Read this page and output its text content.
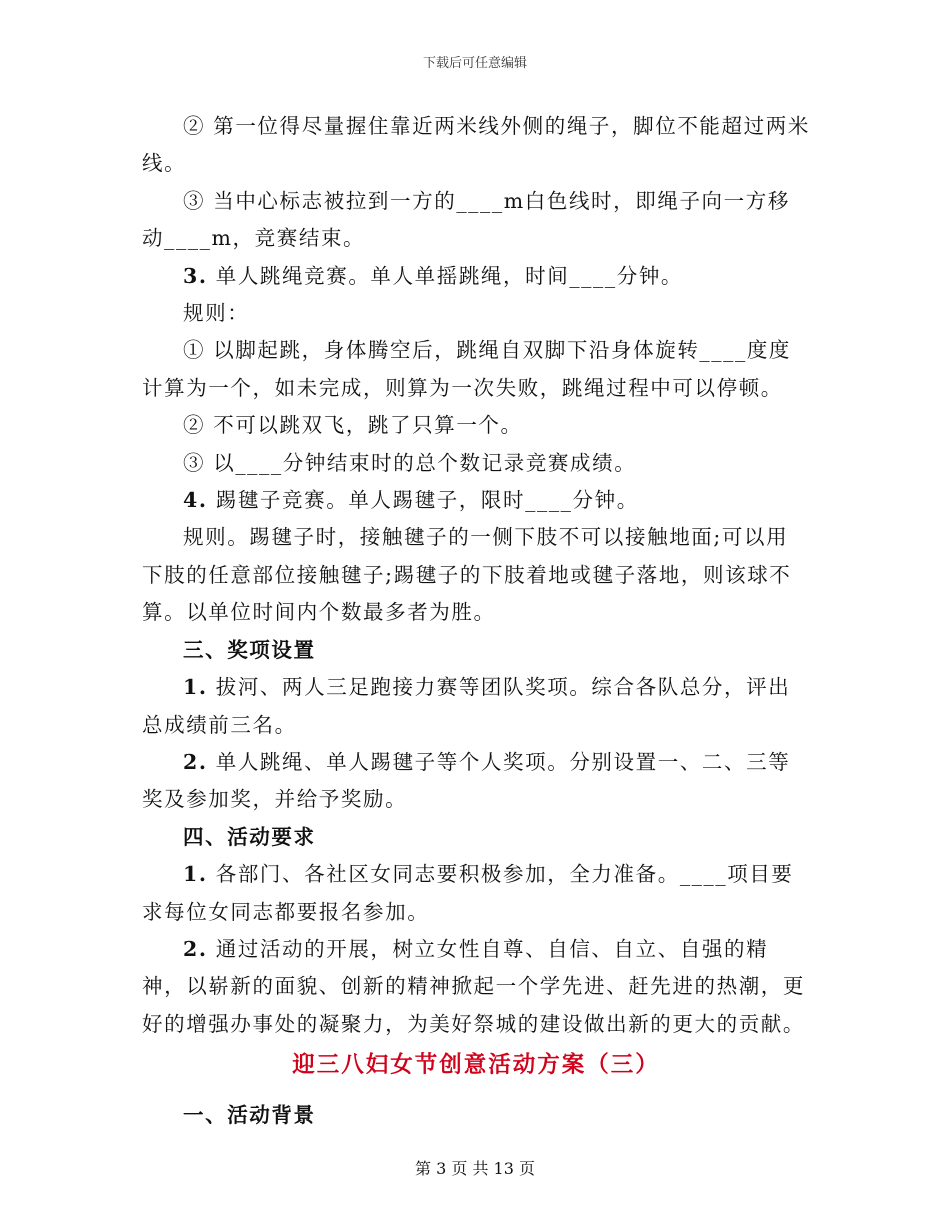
下载后可任意编辑

② 第一位得尽量握住靠近两米线外侧的绳子，脚位不能超过两米线。

③ 当中心标志被拉到一方的____m白色线时，即绳子向一方移动____m，竞赛结束。

3. 单人跳绳竞赛。单人单摇跳绳，时间____分钟。

规则：

① 以脚起跳，身体腾空后，跳绳自双脚下沿身体旋转____度度计算为一个，如未完成，则算为一次失败，跳绳过程中可以停顿。

② 不可以跳双飞，跳了只算一个。

③ 以____分钟结束时的总个数记录竞赛成绩。

4. 踢毽子竞赛。单人踢毽子，限时____分钟。

规则。踢毽子时，接触毽子的一侧下肢不可以接触地面;可以用下肢的任意部位接触毽子;踢毽子的下肢着地或毽子落地，则该球不算。以单位时间内个数最多者为胜。

三、奖项设置

1. 拔河、两人三足跑接力赛等团队奖项。综合各队总分，评出总成绩前三名。

2. 单人跳绳、单人踢毽子等个人奖项。分别设置一、二、三等奖及参加奖，并给予奖励。

四、活动要求

1. 各部门、各社区女同志要积极参加，全力准备。____项目要求每位女同志都要报名参加。

2. 通过活动的开展，树立女性自尊、自信、自立、自强的精神，以崭新的面貌、创新的精神掀起一个学先进、赶先进的热潮，更好的增强办事处的凝聚力，为美好祭城的建设做出新的更大的贡献。

迎三八妇女节创意活动方案（三）

一、活动背景

第 3 页 共 13 页
